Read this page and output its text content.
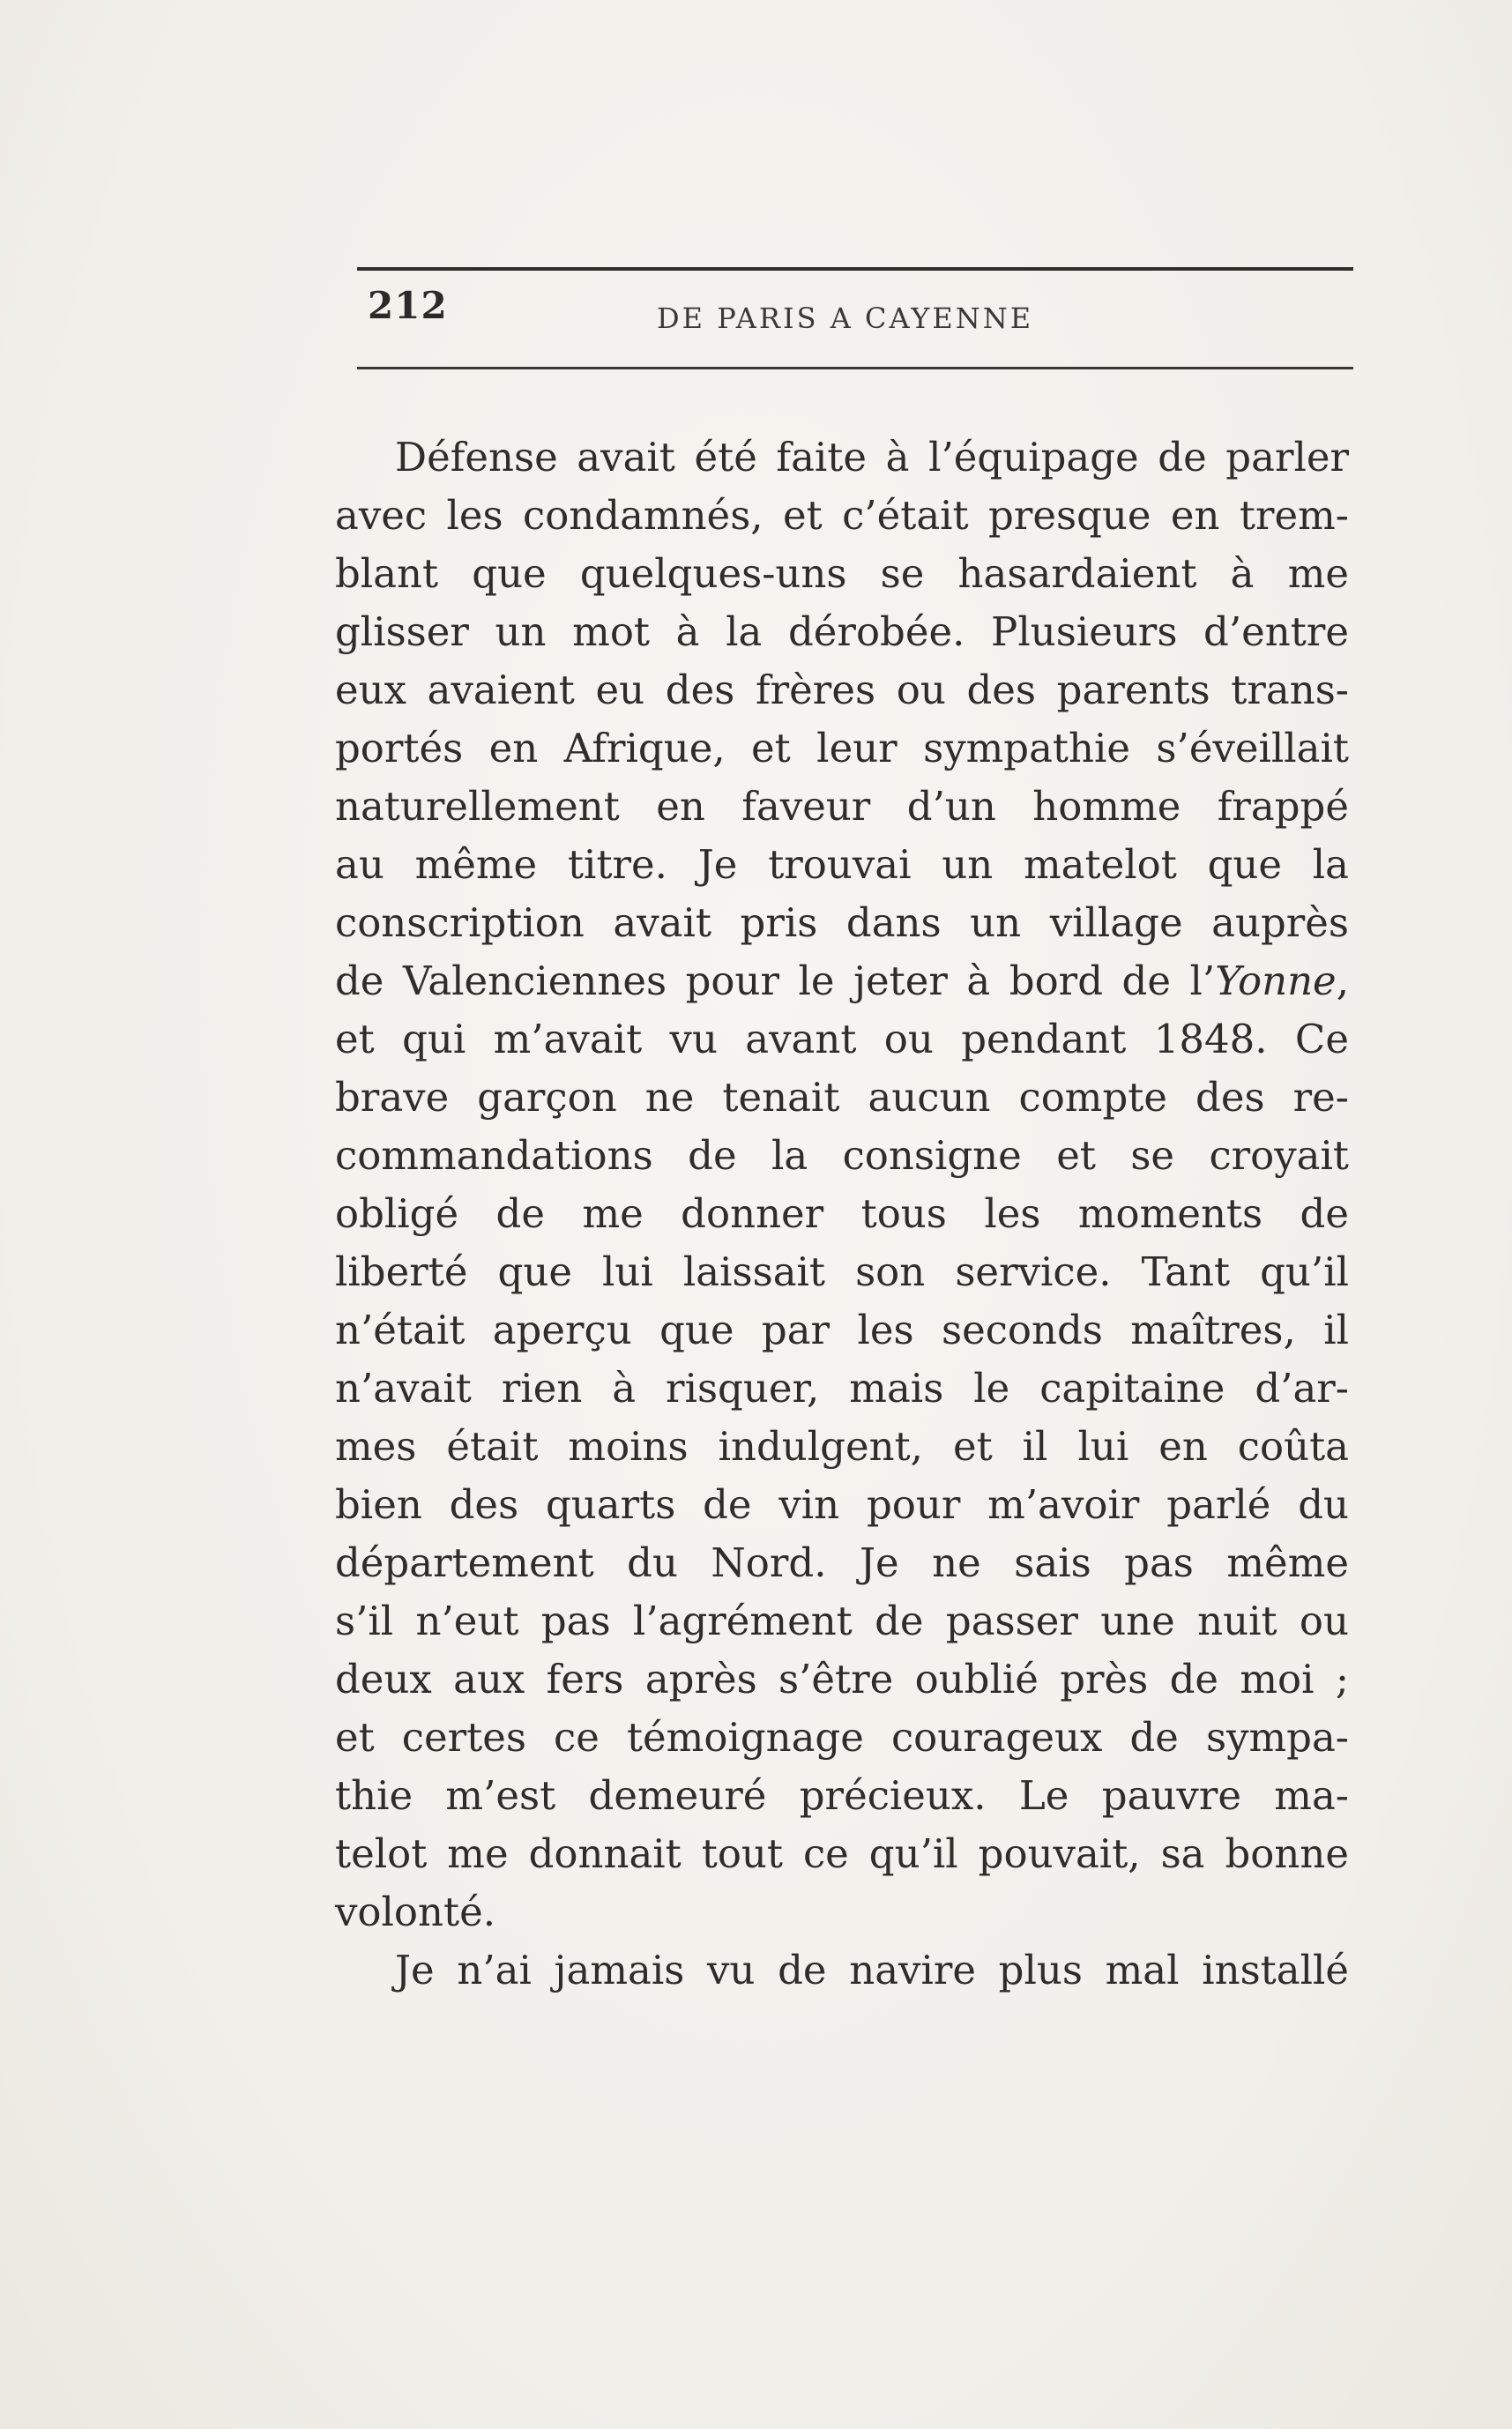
212	DE PARIS A CAYENNE
Défense avait été faite à l’équipage de parler
avec les condamnés, et c’était presque en trem-
blant que quelques-uns se hasardaient à me
glisser un mot à la dérobée. Plusieurs d’entre
eux avaient eu des frères ou des parents trans-
portés en Afrique, et leur sympathie s’éveillait
naturellement en faveur d’un homme frappé
au même titre. Je trouvai un matelot que la
conscription avait pris dans un village auprès
de Valenciennes pour le jeter à bord de l’Yonne,
et qui m’avait vu avant ou pendant 1848. Ce
brave garçon ne tenait aucun compte des re-
commandations de la consigne et se croyait
obligé de me donner tous les moments de
liberté que lui laissait son service. Tant qu’il
n’était aperçu que par les seconds maîtres, il
n’avait rien à risquer, mais le capitaine d’ar-
mes était moins indulgent, et il lui en coûta
bien des quarts de vin pour m’avoir parlé du
département du Nord. Je ne sais pas même
s’il n’eut pas l’agrément de passer une nuit ou
deux aux fers après s’être oublié près de moi ;
et certes ce témoignage courageux de sympa-
thie m’est demeuré précieux. Le pauvre ma-
telot me donnait tout ce qu’il pouvait, sa bonne
volonté.
Je n’ai jamais vu de navire plus mal installé
